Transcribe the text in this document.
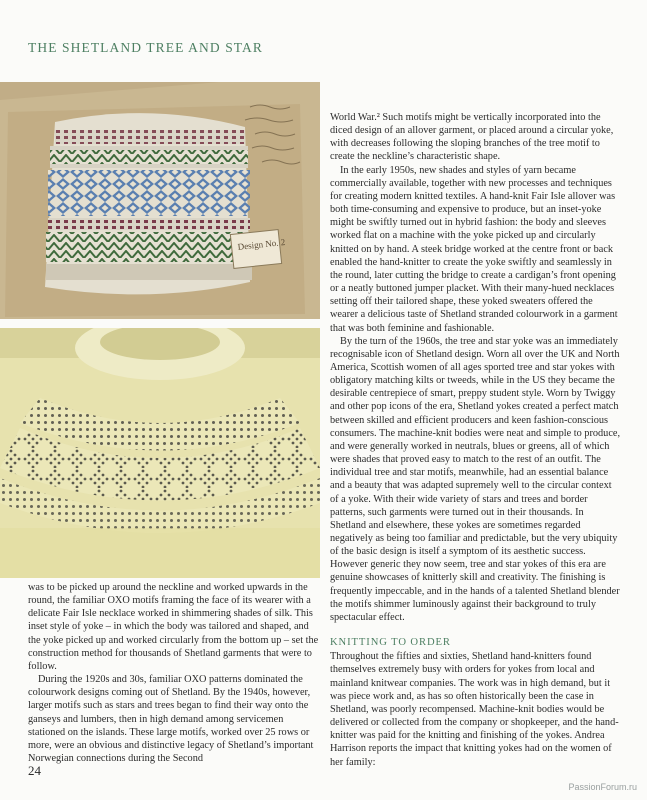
THE SHETLAND TREE AND STAR
Design No. 2

was to be picked up around the neckline and worked upwards in the round, the familiar OXO motifs framing the face of its wearer with a delicate Fair Isle necklace worked in shimmering shades of silk. This inset style of yoke – in which the body was tailored and shaped, and the yoke picked up and worked circularly from the bottom up – set the construction method for thousands of Shetland garments that were to follow.

During the 1920s and 30s, familiar OXO patterns dominated the colourwork designs coming out of Shetland. By the 1940s, however, larger motifs such as stars and trees began to find their way onto the ganseys and lumbers, then in high demand among servicemen stationed on the islands. These large motifs, worked over 25 rows or more, were an obvious and distinctive legacy of Shetland’s important Norwegian connections during the Second

World War.² Such motifs might be vertically incorporated into the diced design of an allover garment, or placed around a circular yoke, with decreases following the sloping branches of the tree motif to create the neckline’s characteristic shape.

In the early 1950s, new shades and styles of yarn became commercially available, together with new processes and techniques for creating modern knitted textiles. A hand-knit Fair Isle allover was both time-consuming and expensive to produce, but an inset-yoke might be swiftly turned out in hybrid fashion: the body and sleeves worked flat on a machine with the yoke picked up and circularly knitted on by hand. A steek bridge worked at the centre front or back enabled the hand-knitter to create the yoke swiftly and seamlessly in the round, later cutting the bridge to create a cardigan’s front opening or a neatly buttoned jumper placket. With their many-hued necklaces setting off their tailored shape, these yoked sweaters offered the wearer a delicious taste of Shetland stranded colourwork in a garment that was both feminine and fashionable.

By the turn of the 1960s, the tree and star yoke was an immediately recognisable icon of Shetland design. Worn all over the UK and North America, Scottish women of all ages sported tree and star yokes with obligatory matching kilts or tweeds, while in the US they became the desirable centrepiece of smart, preppy student style. Worn by Twiggy and other pop icons of the era, Shetland yokes created a perfect match between skilled and efficient producers and keen fashion-conscious consumers. The machine-knit bodies were neat and simple to produce, and were generally worked in neutrals, blues or greens, all of which were shades that proved easy to match to the rest of an outfit. The individual tree and star motifs, meanwhile, had an essential balance and a beauty that was adapted supremely well to the circular context of a yoke. With their wide variety of stars and trees and border patterns, such garments were turned out in their thousands. In Shetland and elsewhere, these yokes are sometimes regarded negatively as being too familiar and predictable, but the very ubiquity of the basic design is itself a symptom of its aesthetic success. However generic they now seem, tree and star yokes of this era are genuine showcases of knitterly skill and creativity. The finishing is frequently impeccable, and in the hands of a talented Shetland blender the motifs shimmer luminously against their background to truly spectacular effect.

KNITTING TO ORDER

Throughout the fifties and sixties, Shetland hand-knitters found themselves extremely busy with orders for yokes from local and mainland knitwear companies. The work was in high demand, but it was piece work and, as has so often historically been the case in Shetland, was poorly recompensed. Machine-knit bodies would be delivered or collected from the company or shopkeeper, and the hand-knitter was paid for the knitting and finishing of the yokes. Andrea Harrison reports the impact that knitting yokes had on the women of her family:

24
PassionForum.ru
